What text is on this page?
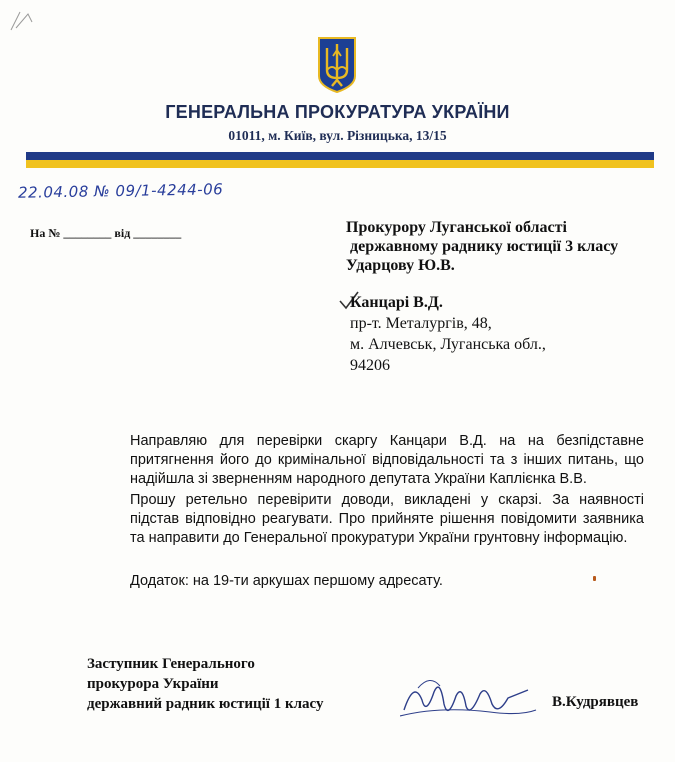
ГЕНЕРАЛЬНА ПРОКУРАТУРА УКРАЇНИ
01011, м. Київ, вул. Різницька, 13/15
22.04.08 № 09/1-4244-06
На № ________ від ________	Прокурору Луганської області
державному раднику юстиції 3 класу
Ударцову Ю.В.
Канцарі В.Д.
пр-т. Металургів, 48,
м. Алчевськ, Луганська обл.,
94206

Направляю для перевірки скаргу Канцари В.Д. на на безпідставне притягнення його до кримінальної відповідальності та з інших питань, що надійшла зі зверненням народного депутата України Каплієнка В.В.

Прошу ретельно перевірити доводи, викладені у скарзі. За наявності підстав відповідно реагувати. Про прийняте рішення повідомити заявника та направити до Генеральної прокуратури України грунтовну інформацію.

Додаток: на 19-ти аркушах першому адресату.
Заступник Генерального
прокурора України
державний радник юстиції 1 класу	В.Кудрявцев
